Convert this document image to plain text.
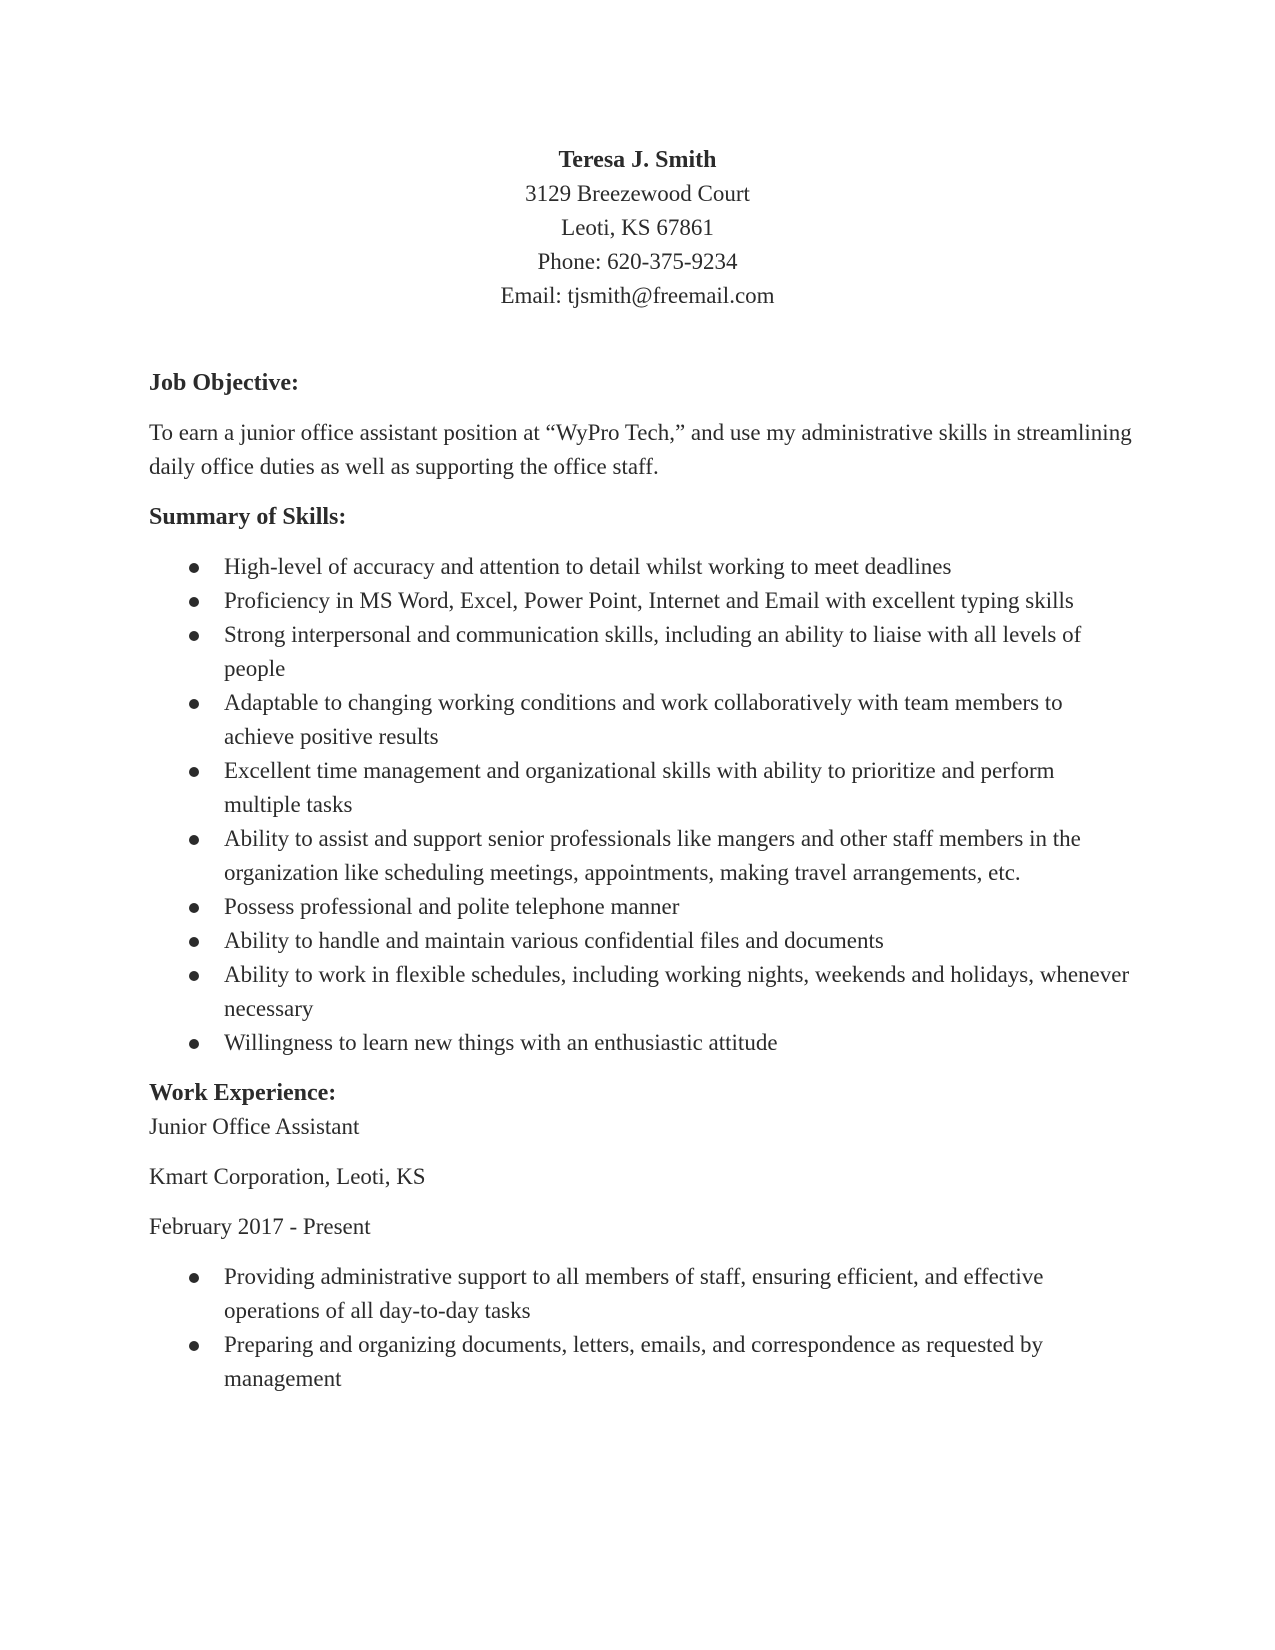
Teresa J. Smith
3129 Breezewood Court
Leoti, KS 67861
Phone: 620-375-9234
Email: tjsmith@freemail.com
Job Objective:
To earn a junior office assistant position at “WyPro Tech,” and use my administrative skills in streamlining daily office duties as well as supporting the office staff.
Summary of Skills:
High-level of accuracy and attention to detail whilst working to meet deadlines
Proficiency in MS Word, Excel, Power Point, Internet and Email with excellent typing skills
Strong interpersonal and communication skills, including an ability to liaise with all levels of people
Adaptable to changing working conditions and work collaboratively with team members to achieve positive results
Excellent time management and organizational skills with ability to prioritize and perform multiple tasks
Ability to assist and support senior professionals like mangers and other staff members in the organization like scheduling meetings, appointments, making travel arrangements, etc.
Possess professional and polite telephone manner
Ability to handle and maintain various confidential files and documents
Ability to work in flexible schedules, including working nights, weekends and holidays, whenever necessary
Willingness to learn new things with an enthusiastic attitude
Work Experience:
Junior Office Assistant
Kmart Corporation, Leoti, KS
February 2017 - Present
Providing administrative support to all members of staff, ensuring efficient, and effective operations of all day-to-day tasks
Preparing and organizing documents, letters, emails, and correspondence as requested by management
